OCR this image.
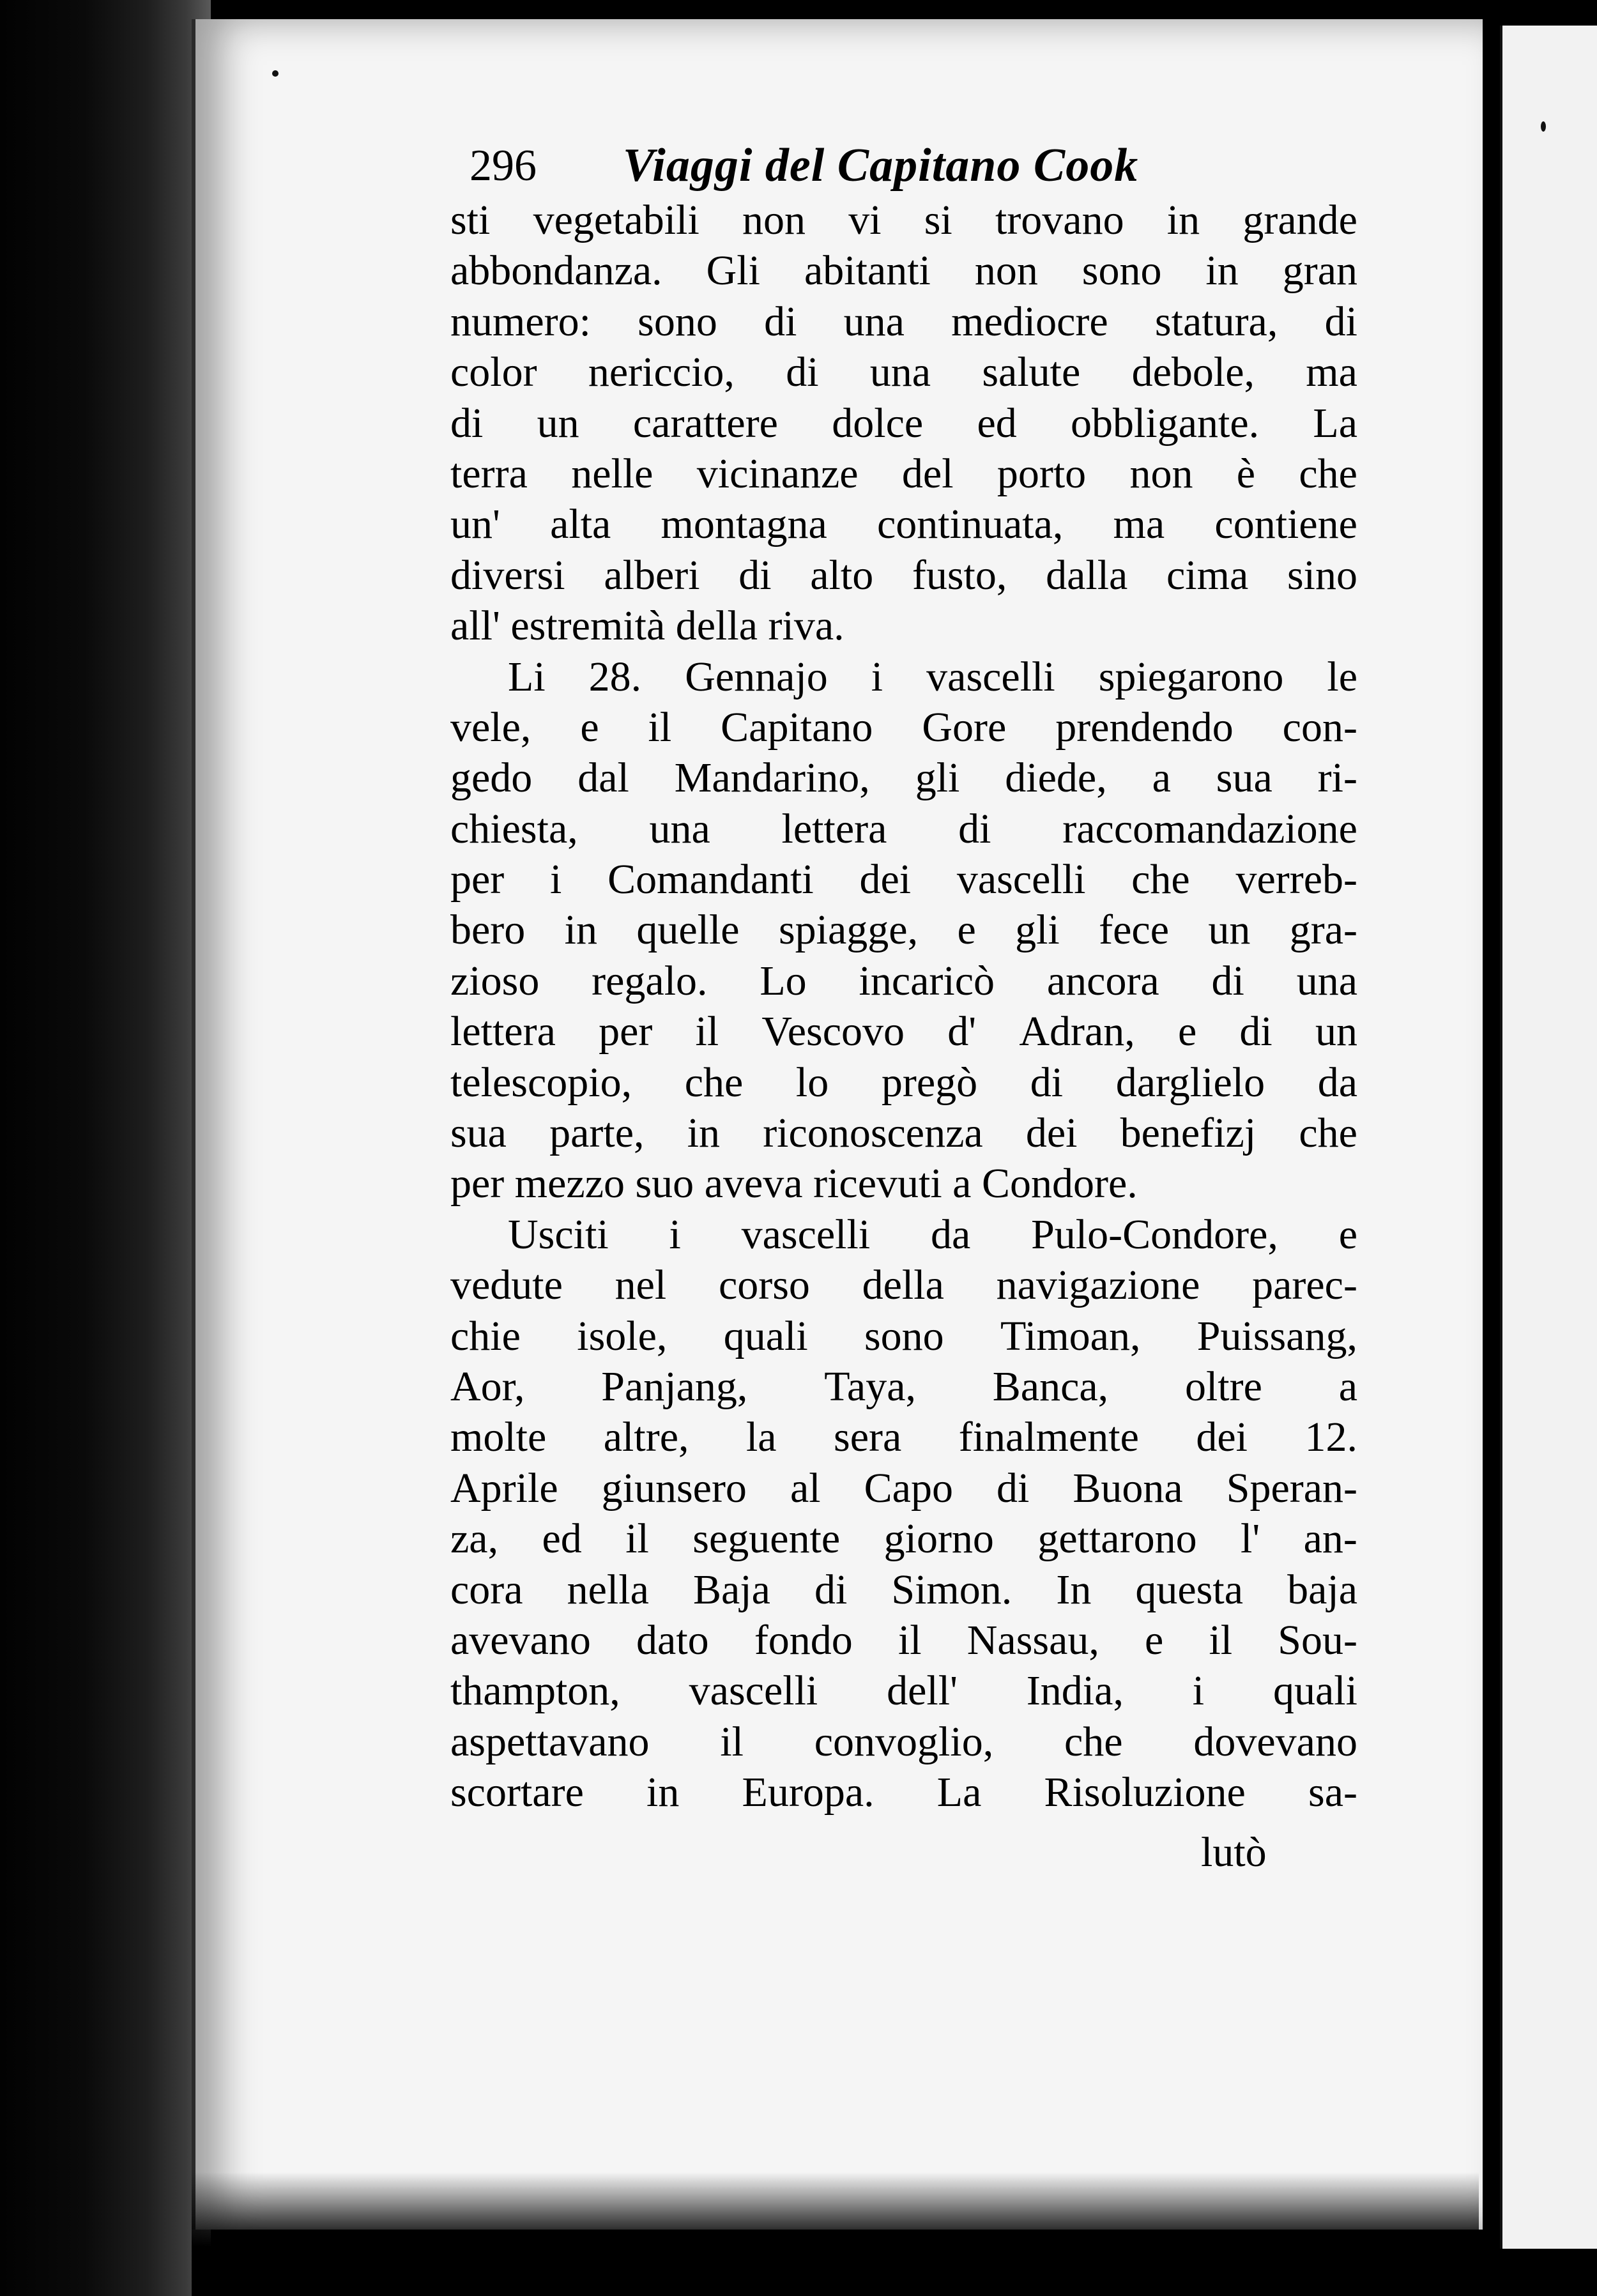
296 Viaggi del Capitano Cook
sti vegetabili non vi si trovano in grande
abbondanza. Gli abitanti non sono in gran
numero: sono di una mediocre statura, di
color nericcio, di una salute debole, ma
di un carattere dolce ed obbligante. La
terra nelle vicinanze del porto non è che
un' alta montagna continuata, ma contiene
diversi alberi di alto fusto, dalla cima sino
all'
estremità
della
riva.
Li 28. Gennajo i vascelli spiegarono le
vele, e il Capitano Gore prendendo con-
gedo dal Mandarino, gli diede, a sua ri-
chiesta, una lettera di raccomandazione
per i Comandanti dei vascelli che verreb-
bero in quelle spiagge, e gli fece un gra-
zioso regalo. Lo incaricò ancora di una
lettera per il Vescovo d' Adran, e di un
telescopio, che lo pregò di darglielo da
sua parte, in riconoscenza dei benefizj che
per
mezzo
suo
aveva
ricevuti
a
Condore.
Usciti i vascelli da Pulo-Condore, e
vedute nel corso della navigazione parec-
chie isole, quali sono Timoan, Puissang,
Aor, Panjang, Taya, Banca, oltre a
molte altre, la sera finalmente dei 12.
Aprile giunsero al Capo di Buona Speran-
za, ed il seguente giorno gettarono l' an-
cora nella Baja di Simon. In questa baja
avevano dato fondo il Nassau, e il Sou-
thampton, vascelli dell' India, i quali
aspettavano il convoglio, che dovevano
scortare in Europa. La Risoluzione sa-
lutò
